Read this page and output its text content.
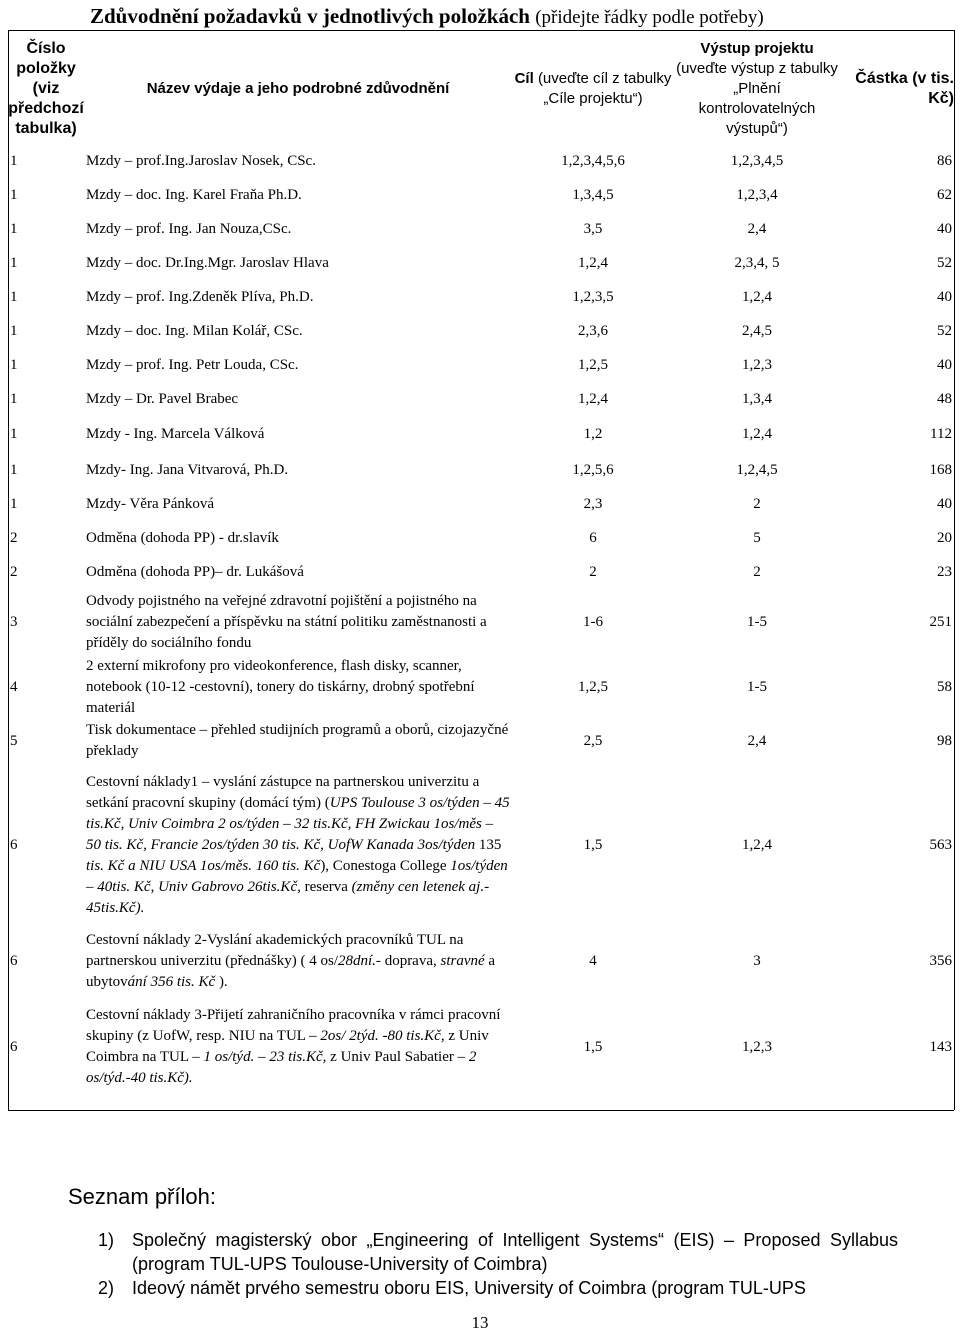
Zdůvodnění požadavků v jednotlivých položkách (přidejte řádky podle potřeby)
Číslo položky (viz předchozí tabulka)	Název výdaje a jeho podrobné zdůvodnění	Cíl (uveďte cíl z tabulky „Cíle projektu“)	Výstup projektu (uveďte výstup z tabulky „Plnění kontrolovatelných výstupů“)	Částka (v tis. Kč)
1	Mzdy – prof.Ing.Jaroslav Nosek, CSc.	1,2,3,4,5,6	1,2,3,4,5	86
1	Mzdy – doc. Ing. Karel Fraňa Ph.D.	1,3,4,5	1,2,3,4	62
1	Mzdy – prof. Ing. Jan Nouza,CSc.	3,5	2,4	40
1	Mzdy – doc. Dr.Ing.Mgr. Jaroslav Hlava	1,2,4	2,3,4, 5	52
1	Mzdy – prof. Ing.Zdeněk Plíva, Ph.D.	1,2,3,5	1,2,4	40
1	Mzdy – doc. Ing. Milan Kolář, CSc.	2,3,6	2,4,5	52
1	Mzdy – prof. Ing. Petr Louda, CSc.	1,2,5	1,2,3	40
1	Mzdy – Dr. Pavel Brabec	1,2,4	1,3,4	48
1	Mzdy - Ing. Marcela Válková	1,2	1,2,4	112
1	Mzdy- Ing. Jana Vitvarová, Ph.D.	1,2,5,6	1,2,4,5	168
1	Mzdy- Věra Pánková	2,3	2	40
2	Odměna (dohoda PP) - dr.slavík	6	5	20
2	Odměna (dohoda PP)– dr. Lukášová	2	2	23
3	Odvody pojistného na veřejné zdravotní pojištění a pojistného na sociální zabezpečení a příspěvku na státní politiku zaměstnanosti a příděly do sociálního fondu	1-6	1-5	251
4	2 externí mikrofony pro videokonference, flash disky, scanner, notebook (10-12 -cestovní), tonery do tiskárny, drobný spotřební materiál	1,2,5	1-5	58
5	Tisk dokumentace – přehled studijních programů a oborů, cizojazyčné překlady	2,5	2,4	98
6	Cestovní náklady1 – vyslání zástupce na partnerskou univerzitu a setkání pracovní skupiny (domácí tým) (UPS Toulouse 3 os/týden – 45 tis.Kč, Univ Coimbra 2 os/týden – 32 tis.Kč, FH Zwickau 1os/měs – 50 tis. Kč, Francie 2os/týden 30 tis. Kč, UofW Kanada 3os/týden 135 tis. Kč a NIU USA 1os/měs. 160 tis. Kč), Conestoga College 1os/týden – 40tis. Kč, Univ Gabrovo 26tis.Kč, reserva (změny cen letenek aj.- 45tis.Kč).	1,5	1,2,4	563
6	Cestovní náklady 2-Vyslání akademických pracovníků TUL na partnerskou univerzitu (přednášky) ( 4 os/28dní.- doprava, stravné a ubytování 356 tis. Kč ).	4	3	356
6	Cestovní náklady 3-Přijetí zahraničního pracovníka v rámci pracovní skupiny (z UofW, resp. NIU na TUL – 2os/ 2týd. -80 tis.Kč, z Univ Coimbra na TUL – 1 os/týd. – 23 tis.Kč, z Univ Paul Sabatier – 2 os/týd.-40 tis.Kč).	1,5	1,2,3	143
Seznam příloh:
1) Společný magisterský obor „Engineering of Intelligent Systems“ (EIS) – Proposed Syllabus (program TUL-UPS Toulouse-University of Coimbra)
2) Ideový námět prvého semestru oboru EIS, University of Coimbra (program TUL-UPS
13
